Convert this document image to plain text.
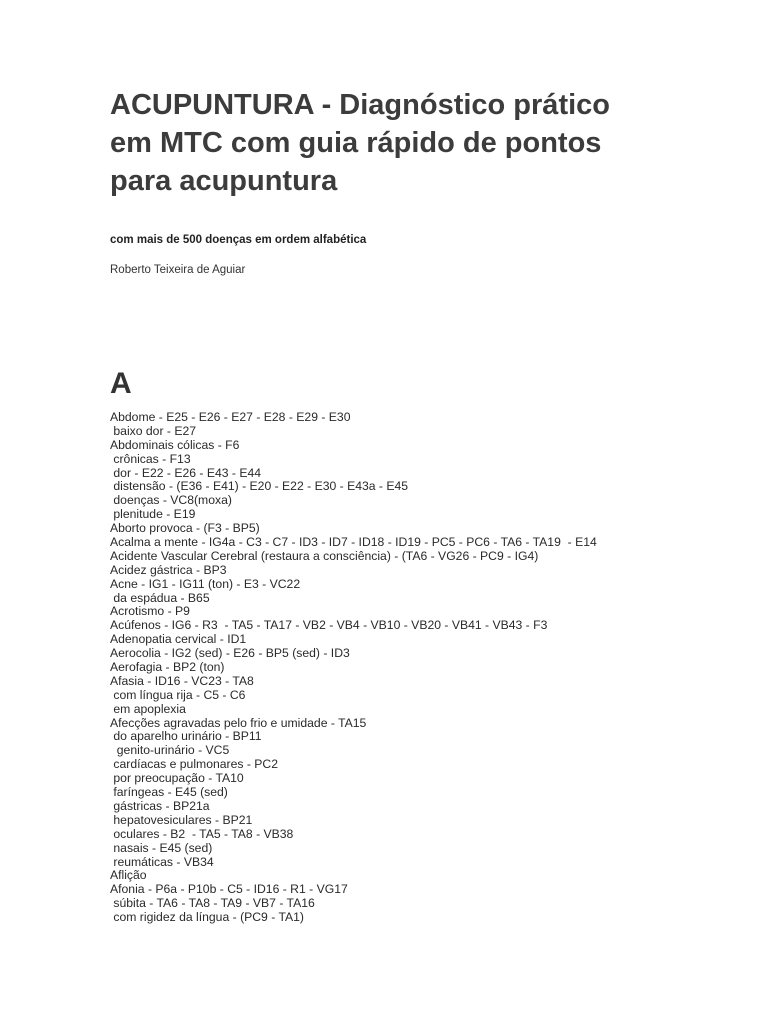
ACUPUNTURA - Diagnóstico prático
em MTC com guia rápido de pontos
para acupuntura
com mais de 500 doenças em ordem alfabética
Roberto Teixeira de Aguiar
A
Abdome - E25 - E26 - E27 - E28 - E29 - E30
baixo dor - E27
Abdominais cólicas - F6
crônicas - F13
dor - E22 - E26 - E43 - E44
distensão - (E36 - E41) - E20 - E22 - E30 - E43a - E45
doenças - VC8(moxa)
plenitude - E19
Aborto provoca - (F3 - BP5)
Acalma a mente - IG4a - C3 - C7 - ID3 - ID7 - ID18 - ID19 - PC5 - PC6 - TA6 - TA19  - E14
Acidente Vascular Cerebral (restaura a consciência) - (TA6 - VG26 - PC9 - IG4)
Acidez gástrica - BP3
Acne - IG1 - IG11 (ton) - E3 - VC22
da espádua - B65
Acrotismo - P9
Acúfenos - IG6 - R3  - TA5 - TA17 - VB2 - VB4 - VB10 - VB20 - VB41 - VB43 - F3
Adenopatia cervical - ID1
Aerocolia - IG2 (sed) - E26 - BP5 (sed) - ID3
Aerofagia - BP2 (ton)
Afasia - ID16 - VC23 - TA8
com língua rija - C5 - C6
em apoplexia
Afecções agravadas pelo frio e umidade - TA15
do aparelho urinário - BP11
genito-urinário - VC5
cardíacas e pulmonares - PC2
por preocupação - TA10
faríngeas - E45 (sed)
gástricas - BP21a
hepatovesiculares - BP21
oculares - B2  - TA5 - TA8 - VB38
nasais - E45 (sed)
reumáticas - VB34
Aflição
Afonia - P6a - P10b - C5 - ID16 - R1 - VG17
súbita - TA6 - TA8 - TA9 - VB7 - TA16
com rigidez da língua - (PC9 - TA1)
